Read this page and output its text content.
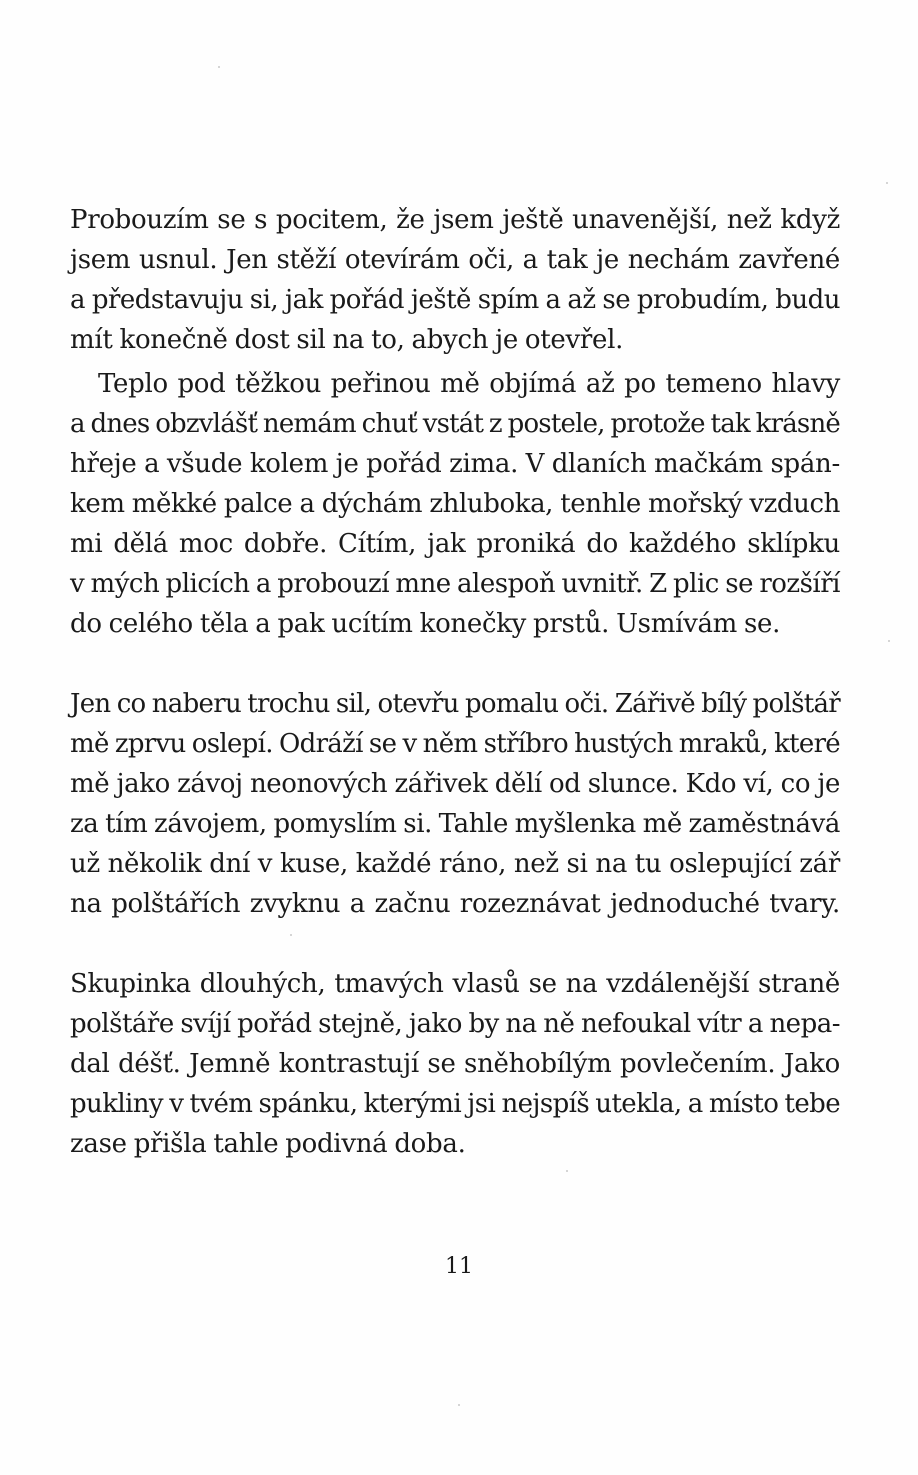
Probouzím se s pocitem, že jsem ještě unavenější, než když
jsem usnul. Jen stěží otevírám oči, a tak je nechám zavřené
a představuju si, jak pořád ještě spím a až se probudím, budu
mít konečně dost sil na to, abych je otevřel.
Teplo pod těžkou peřinou mě objímá až po temeno hlavy
a dnes obzvlášť nemám chuť vstát z postele, protože tak krásně
hřeje a všude kolem je pořád zima. V dlaních mačkám spán-
kem měkké palce a dýchám zhluboka, tenhle mořský vzduch
mi dělá moc dobře. Cítím, jak proniká do každého sklípku
v mých plicích a probouzí mne alespoň uvnitř. Z plic se rozšíří
do celého těla a pak ucítím konečky prstů. Usmívám se.
Jen co naberu trochu sil, otevřu pomalu oči. Zářivě bílý polštář
mě zprvu oslepí. Odráží se v něm stříbro hustých mraků, které
mě jako závoj neonových zářivek dělí od slunce. Kdo ví, co je
za tím závojem, pomyslím si. Tahle myšlenka mě zaměstnává
už několik dní v kuse, každé ráno, než si na tu oslepující zář
na polštářích zvyknu a začnu rozeznávat jednoduché tvary.
Skupinka dlouhých, tmavých vlasů se na vzdálenější straně
polštáře svíjí pořád stejně, jako by na ně nefoukal vítr a nepa-
dal déšť. Jemně kontrastují se sněhobílým povlečením. Jako
pukliny v tvém spánku, kterými jsi nejspíš utekla, a místo tebe
zase přišla tahle podivná doba.
11
